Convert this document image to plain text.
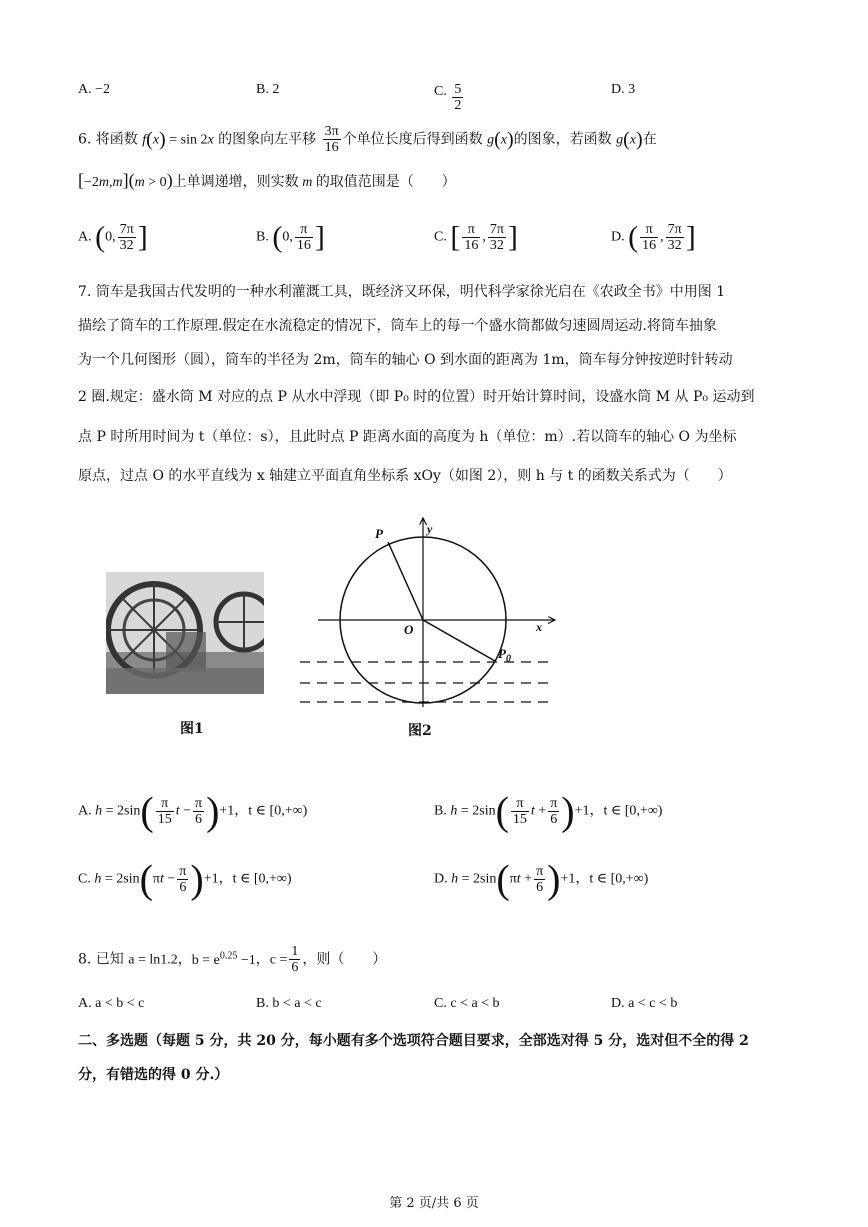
A. −2	B. 2	C. $\frac{5}{2}$	D. 3
6. 将函数 f(x) = sin 2x 的图象向左平移 $\frac{3\pi}{16}$ 个单位长度后得到函数 g(x)的图象，若函数 g(x)在
[−2m,m](m > 0)上单调递增，则实数 m 的取值范围是（　　）
A. (0, $\frac{7\pi}{32}$ ]	B. (0, $\frac{\pi}{16}$ ]	C. [ $\frac{\pi}{16}$ , $\frac{7\pi}{32}$ ]	D. ( $\frac{\pi}{16}$ , $\frac{7\pi}{32}$ ]
7. 筒车是我国古代发明的一种水利灌溉工具，既经济又环保，明代科学家徐光启在《农政全书》中用图 1
描绘了筒车的工作原理.假定在水流稳定的情况下，筒车上的每一个盛水筒都做匀速圆周运动.将筒车抽象
为一个几何图形（圆），筒车的半径为 2m，筒车的轴心 O 到水面的距离为 1m，筒车每分钟按逆时针转动
2 圈.规定：盛水筒 M 对应的点 P 从水中浮现（即 P₀ 时的位置）时开始计算时间，设盛水筒 M 从 P₀ 运动到
点 P 时所用时间为 t（单位：s），且此时点 P 距离水面的高度为 h（单位：m）.若以筒车的轴心 O 为坐标
原点，过点 O 的水平直线为 x 轴建立平面直角坐标系 xOy（如图 2），则 h 与 t 的函数关系式为（　　）
图1
P	y
x
O
$P_0$
图2
A. $h = 2\sin( \frac{\pi}{15}$ $t - \frac{\pi}{6} )+1$，t ∈ [0,+∞)	B. $h = 2\sin( \frac{\pi}{15}$ $t + \frac{\pi}{6} )+1$，t ∈ [0,+∞)
C. $h = 2\sin(\pi t - \frac{\pi}{6} )+1$，t ∈ [0,+∞)	D. $h = 2\sin(\pi t + \frac{\pi}{6} )+1$，t ∈ [0,+∞)
8. 已知 a = ln1.2，$b = e^{0.25} -1$，$c = \frac{1}{6}$ ，则（　　）
A. a < b < c	B. b < a < c	C. c < a < b	D. a < c < b
二、多选题（每题 5 分，共 20 分，每小题有多个选项符合题目要求，全部选对得 5 分，选对但不全的得 2
分，有错选的得 0 分.）
第 2 页/共 6 页
